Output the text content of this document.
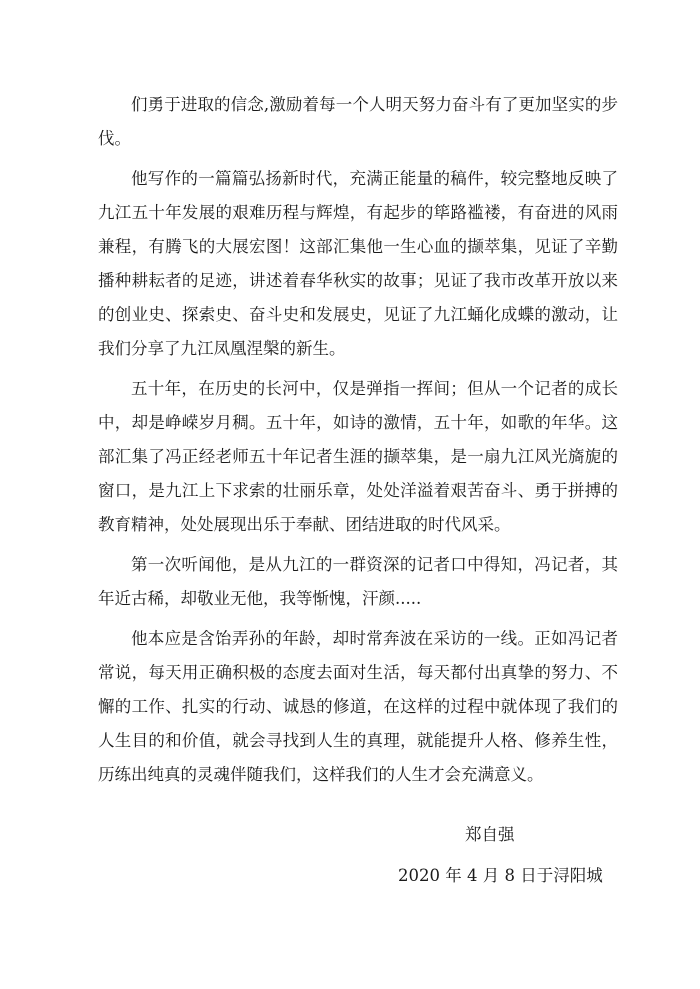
们勇于进取的信念,激励着每一个人明天努力奋斗有了更加坚实的步伐。

他写作的一篇篇弘扬新时代，充满正能量的稿件，较完整地反映了九江五十年发展的艰难历程与辉煌，有起步的筚路褴褛，有奋进的风雨兼程，有腾飞的大展宏图！这部汇集他一生心血的撷萃集，见证了辛勤播种耕耘者的足迹，讲述着春华秋实的故事；见证了我市改革开放以来的创业史、探索史、奋斗史和发展史，见证了九江蛹化成蝶的激动，让我们分享了九江凤凰涅槃的新生。

五十年，在历史的长河中，仅是弹指一挥间；但从一个记者的成长中，却是峥嵘岁月稠。五十年，如诗的激情，五十年，如歌的年华。这部汇集了冯正经老师五十年记者生涯的撷萃集，是一扇九江风光旖旎的窗口，是九江上下求索的壮丽乐章，处处洋溢着艰苦奋斗、勇于拼搏的教育精神，处处展现出乐于奉献、团结进取的时代风采。

第一次听闻他，是从九江的一群资深的记者口中得知，冯记者，其年近古稀，却敬业无他，我等惭愧，汗颜.....

他本应是含饴弄孙的年龄，却时常奔波在采访的一线。正如冯记者常说，每天用正确积极的态度去面对生活，每天都付出真挚的努力、不懈的工作、扎实的行动、诚恳的修道，在这样的过程中就体现了我们的人生目的和价值，就会寻找到人生的真理，就能提升人格、修养生性，历练出纯真的灵魂伴随我们，这样我们的人生才会充满意义。

郑自强
2020 年 4 月 8 日于浔阳城
